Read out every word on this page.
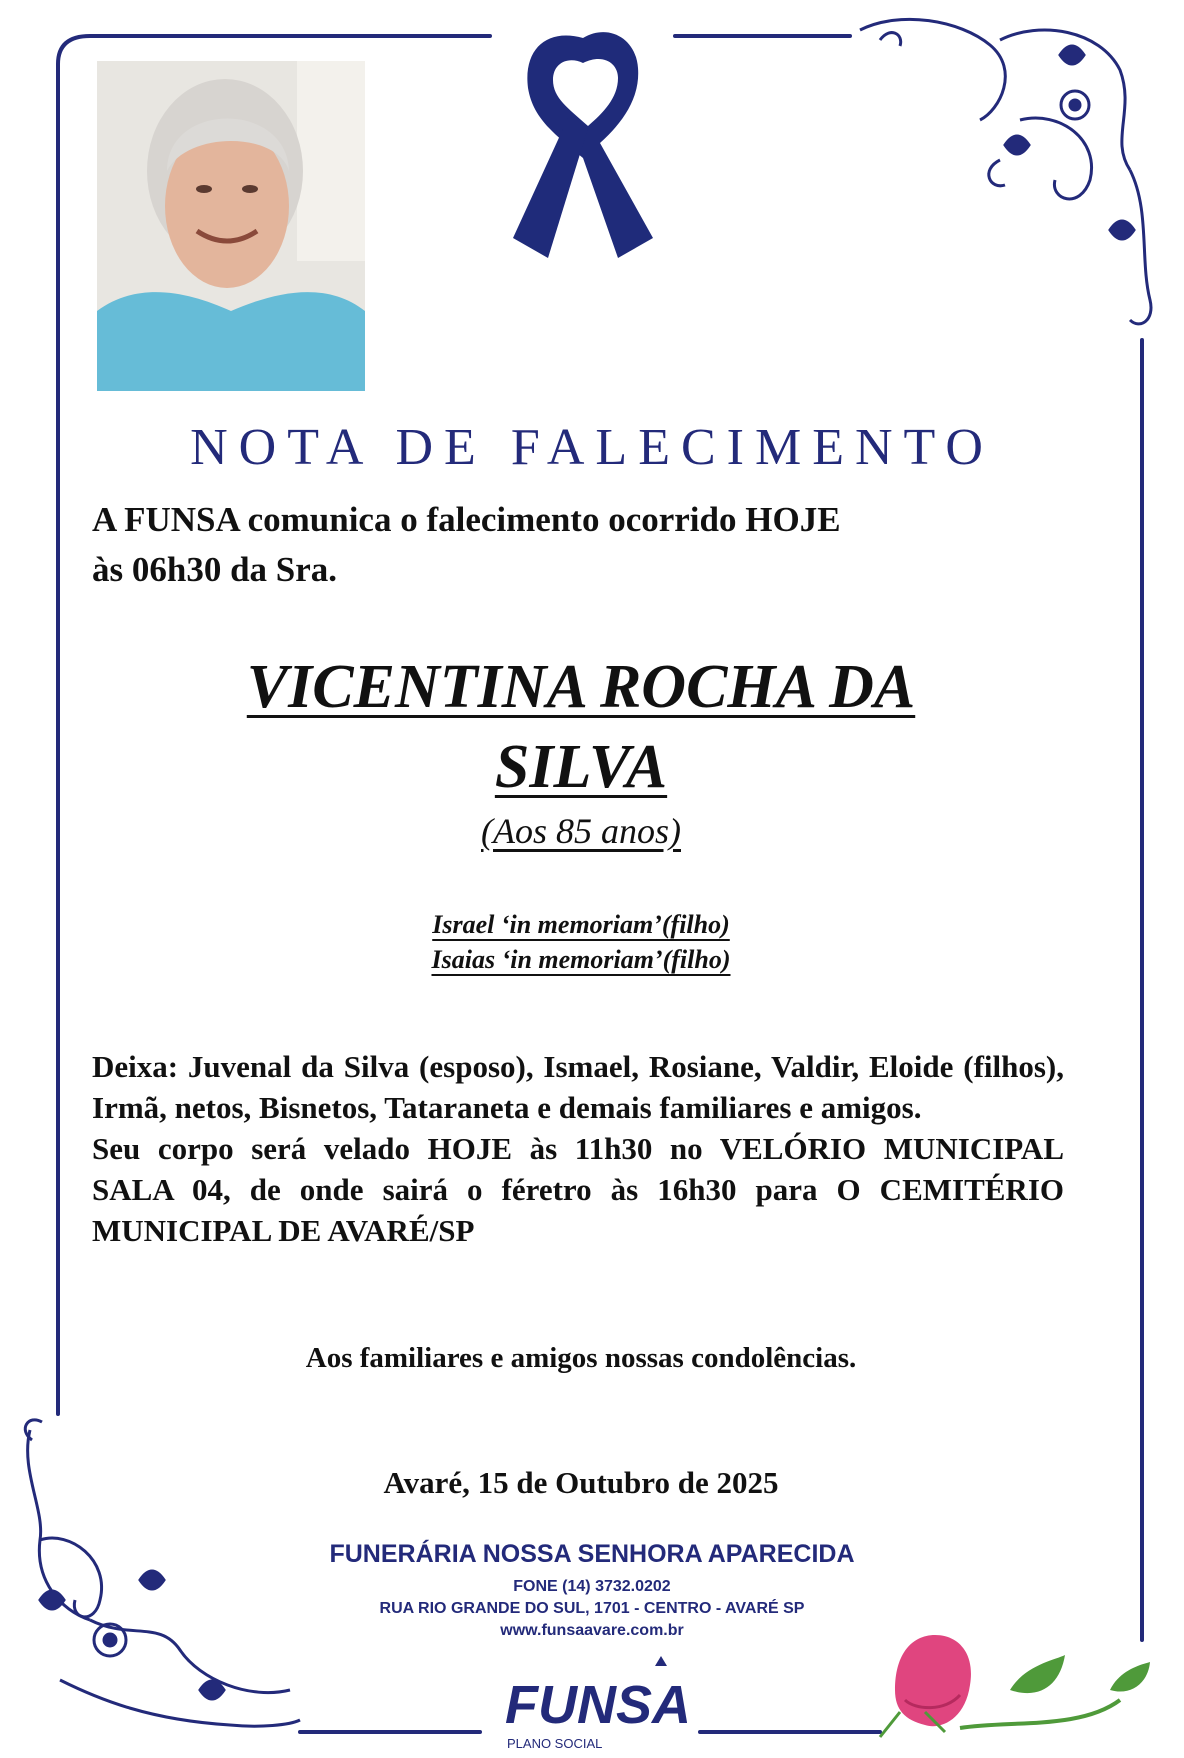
NOTA DE FALECIMENTO
A FUNSA comunica o falecimento ocorrido HOJE
às 06h30 da Sra.
VICENTINA ROCHA DA
SILVA
(Aos 85 anos)
Israel ‘in memoriam’(filho)
Isaias ‘in memoriam’(filho)

Deixa: Juvenal da Silva (esposo), Ismael, Rosiane, Valdir, Eloide (filhos), Irmã, netos, Bisnetos, Tataraneta e demais familiares e amigos.

Seu corpo será velado HOJE às 11h30 no VELÓRIO MUNICIPAL SALA 04, de onde sairá o féretro às 16h30 para O CEMITÉRIO MUNICIPAL DE AVARÉ/SP

Aos familiares e amigos nossas condolências.
Avaré, 15 de Outubro de 2025
FUNERÁRIA NOSSA SENHORA APARECIDA
FONE (14) 3732.0202
RUA RIO GRANDE DO SUL, 1701 - CENTRO - AVARÉ SP
www.funsaavare.com.br
FUNSA
PLANO SOCIAL
